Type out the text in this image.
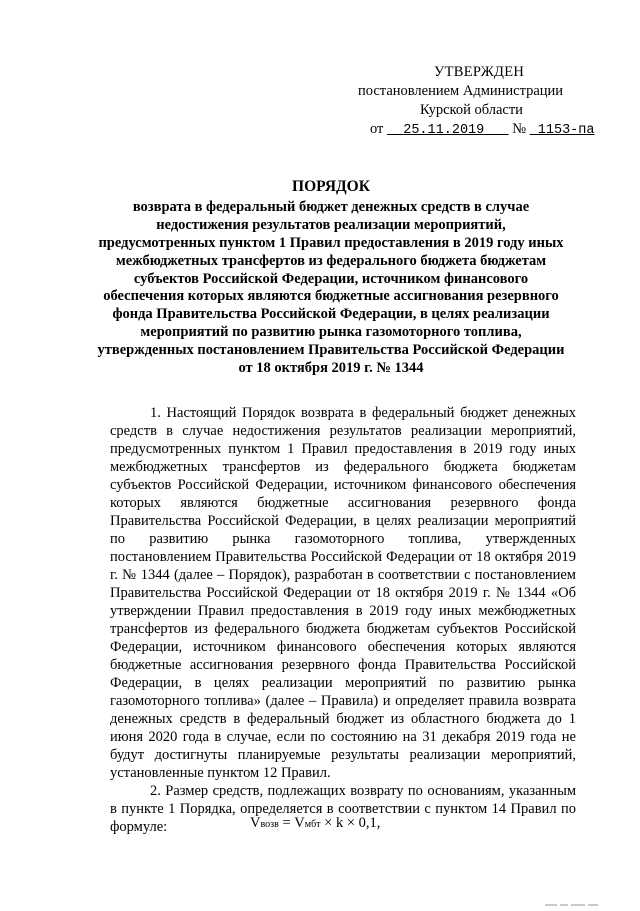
УТВЕРЖДЕН
постановлением Администрации
Курской области
от 25.11.2019 № 1153-па
ПОРЯДОК
возврата в федеральный бюджет денежных средств в случае
недостижения результатов реализации мероприятий,
предусмотренных пунктом 1 Правил предоставления в 2019 году иных
межбюджетных трансфертов из федерального бюджета бюджетам
субъектов Российской Федерации, источником финансового
обеспечения которых являются бюджетные ассигнования резервного
фонда Правительства Российской Федерации, в целях реализации
мероприятий по развитию рынка газомоторного топлива,
утвержденных постановлением Правительства Российской Федерации
от 18 октября 2019 г. № 1344

1. Настоящий Порядок возврата в федеральный бюджет денежных средств в случае недостижения результатов реализации мероприятий, предусмотренных пунктом 1 Правил предоставления в 2019 году иных межбюджетных трансфертов из федерального бюджета бюджетам субъектов Российской Федерации, источником финансового обеспечения которых являются бюджетные ассигнования резервного фонда Правительства Российской Федерации, в целях реализации мероприятий по развитию рынка газомоторного топлива, утвержденных постановлением Правительства Российской Федерации от 18 октября 2019 г. № 1344 (далее – Порядок), разработан в соответствии с постановлением Правительства Российской Федерации от 18 октября 2019 г. № 1344 «Об утверждении Правил предоставления в 2019 году иных межбюджетных трансфертов из федерального бюджета бюджетам субъектов Российской Федерации, источником финансового обеспечения которых являются бюджетные ассигнования резервного фонда Правительства Российской Федерации, в целях реализации мероприятий по развитию рынка газомоторного топлива» (далее – Правила) и определяет правила возврата денежных средств в федеральный бюджет из областного бюджета до 1 июня 2020 года в случае, если по состоянию на 31 декабря 2019 года не будут достигнуты планируемые результаты реализации мероприятий, установленные пунктом 12 Правил.

2. Размер средств, подлежащих возврату по основаниям, указанным в пункте 1 Порядка, определяется в соответствии с пунктом 14 Правил по формуле:	Vвозв = Vмбт × k × 0,1,
